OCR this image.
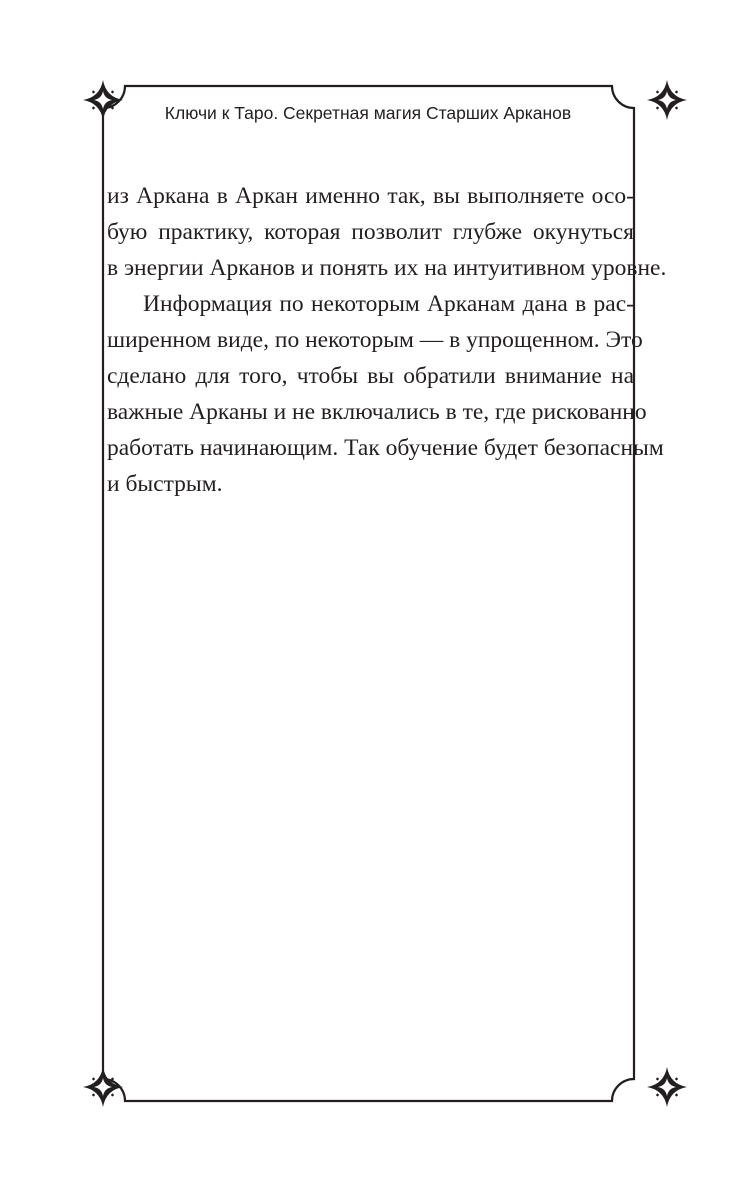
Ключи к Таро. Секретная магия Старших Арканов

из Аркана в Аркан именно так, вы выполняете осо-
бую практику, которая позволит глубже окунуться
в энергии Арканов и понять их на интуитивном уровне.

Информация по некоторым Арканам дана в рас-
ширенном виде, по некоторым — в упрощенном. Это
сделано для того, чтобы вы обратили внимание на
важные Арканы и не включались в те, где рискованно
работать начинающим. Так обучение будет безопасным
и быстрым.
